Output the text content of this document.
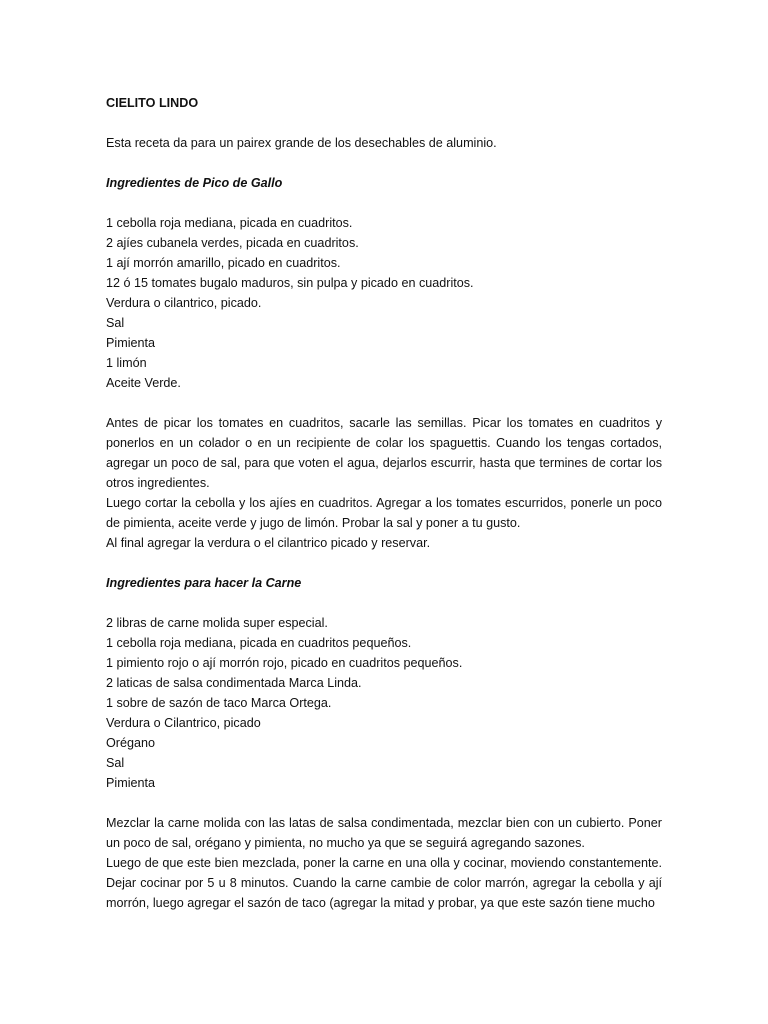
CIELITO LINDO

Esta receta da para un pairex grande de los desechables de aluminio.

Ingredientes de Pico de Gallo

1 cebolla roja mediana, picada en cuadritos.
2 ajíes cubanela verdes, picada en cuadritos.
1 ají morrón amarillo, picado en cuadritos.
12 ó 15 tomates bugalo maduros, sin pulpa y picado en cuadritos.
Verdura o cilantrico, picado.
Sal
Pimienta
1 limón
Aceite Verde.

Antes de picar los tomates en cuadritos, sacarle las semillas. Picar los tomates en cuadritos y ponerlos en un colador o en un recipiente de colar los spaguettis. Cuando los tengas cortados, agregar un poco de sal, para que voten el agua, dejarlos escurrir, hasta que termines de cortar los otros ingredientes.

Luego cortar la cebolla y los ajíes en cuadritos. Agregar a los tomates escurridos, ponerle un poco de pimienta, aceite verde y jugo de limón. Probar la sal y poner a tu gusto.

Al final agregar la verdura o el cilantrico picado y reservar.

Ingredientes para hacer la Carne

2 libras de carne molida super especial.
1 cebolla roja mediana, picada en cuadritos pequeños.
1 pimiento rojo o ají morrón rojo, picado en cuadritos pequeños.
2 laticas de salsa condimentada Marca Linda.
1 sobre de sazón de taco Marca Ortega.
Verdura o Cilantrico, picado
Orégano
Sal
Pimienta

Mezclar la carne molida con las latas de salsa condimentada, mezclar bien con un cubierto. Poner un poco de sal, orégano y pimienta, no mucho ya que se seguirá agregando sazones.

Luego de que este bien mezclada, poner la carne en una olla y cocinar, moviendo constantemente. Dejar cocinar por 5 u 8 minutos. Cuando la carne cambie de color marrón, agregar la cebolla y ají morrón, luego agregar el sazón de taco (agregar la mitad y probar, ya que este sazón tiene mucho
